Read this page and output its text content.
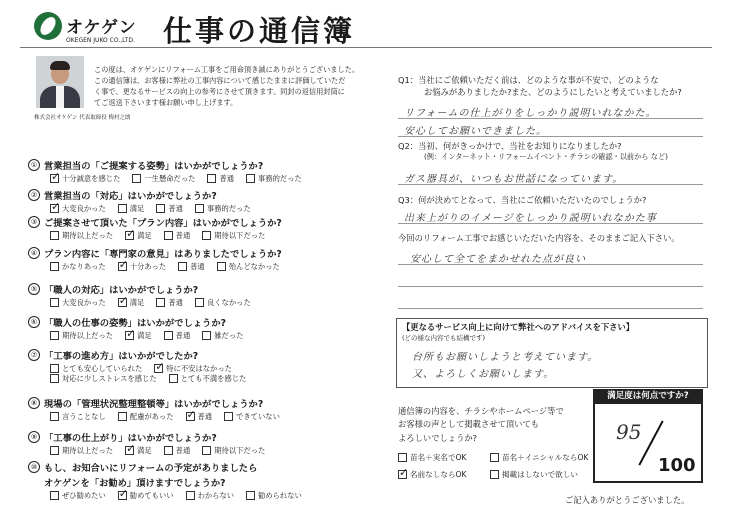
オケゲン
OKEGEN JUKO CO.,LTD. 仕事の通信簿
株式会社オケゲン 代表取締役 梅村之朗
この度は、オケゲンにリフォーム工事をご用命頂き誠にありがとうございました。
この通信簿は、お客様に弊社の工事内容について感じたままに評価していただ
く事で、更なるサービスの向上の参考にさせて頂きます。同封の返信用封筒に
てご返送下さいます様お願い申し上げます。
① 営業担当の「ご提案する姿勢」はいかがでしょうか?
✓
十分誠意を感じた	一生懸命だった	普通	事務的だった
② 営業担当の「対応」はいかがでしょうか?
✓
大変良かった	満足	普通	事務的だった
③ ご提案させて頂いた「プラン内容」はいかがでしょうか?
期待以上だった ✓	満足	普通	期待以下だった
④ プラン内容に「専門家の意見」はありましたでしょうか?
かなりあった ✓	十分あった	普通	殆んどなかった
⑤ 「職人の対応」はいかがでしょうか?
大変良かった ✓	満足	普通	良くなかった
⑥ 「職人の仕事の姿勢」はいかがでしょうか?
期待以上だった ✓	満足	普通	雑だった
⑦ 「工事の進め方」はいかがでしたか?
とても安心していられた ✓	特に不安はなかった
対応に少しストレスを感じた	とても不満を感じた
⑧ 現場の「管理状況整理整頓等」はいかがでしょうか?
言うことなし	配慮があった ✓	普通	できていない
⑨ 「工事の仕上がり」はいかがでしょうか?
期待以上だった ✓	満足	普通	期待以下だった
⑩ もし、お知合いにリフォームの予定がありましたら
オケゲンを「お勧め」頂けますでしょうか?
ぜひ勧めたい ✓	勧めてもいい	わからない	勧められない
Q1：当社にご依頼いただく前は、どのような事が不安で、どのような
お悩みがありましたか?また、どのようにしたいと考えていましたか?
リフォームの仕上がりをしっかり説明いれなかた。
安心してお願いできました。
Q2：当初、何がきっかけで、当社をお知りになりましたか?
(例：インターネット・リフォームイベント・チラシの確認・以前から など)
ガス器具が、いつもお世話になっています。
Q3：何が決めてとなって、当社にご依頼いただいたのでしょうか?
出来上がりのイメージをしっかり説明いれなかた事
今回のリフォーム工事でお感じいただいた内容を、そのままご記入下さい。
安心して全てをまかせれた点が良い
【更なるサービス向上に向けて弊社へのアドバイスを下さい】
(どの様な内容でも結構です)
台所もお願いしようと考えています。
又、よろしくお願いします。
通信簿の内容を、チラシやホームページ等で
お客様の声として掲載させて頂いても
よろしいでしょうか?
苗名＋実名でOK	苗名＋イニシャルならOK
✓
名前なしならOK	掲載はしないで欲しい
満足度は何点ですか?
95
100
ご記入ありがとうございました。
